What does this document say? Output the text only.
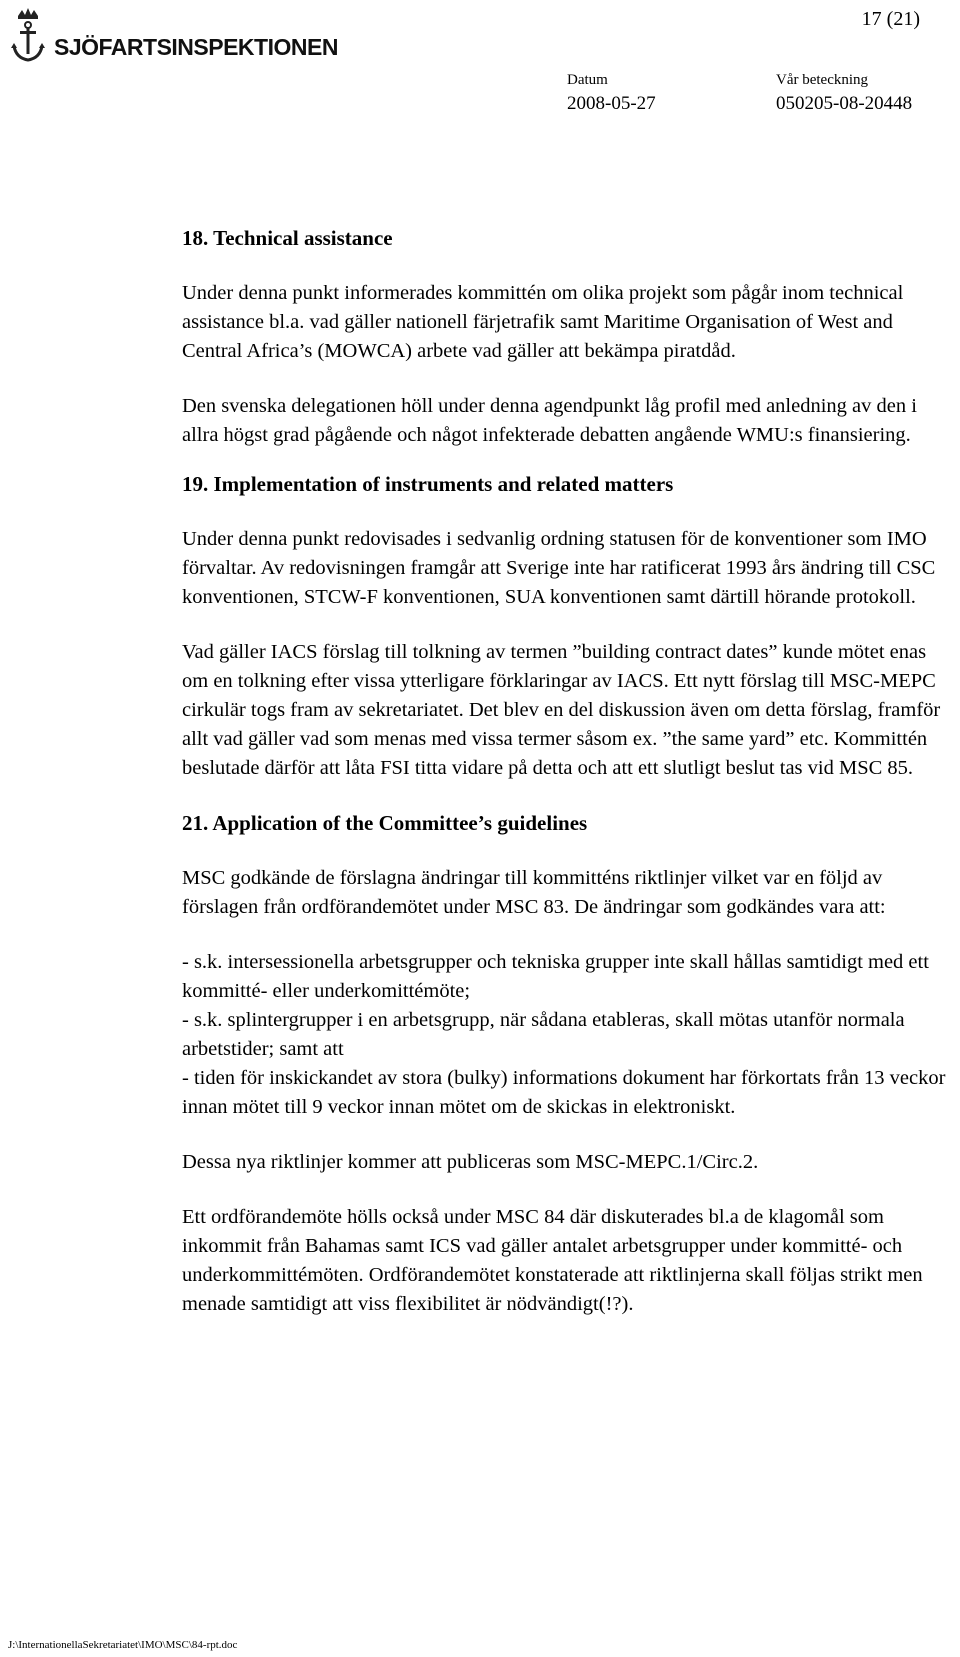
SJÖFARTSINSPEKTIONEN
17 (21)
Datum
2008-05-27
Vår beteckning
050205-08-20448
18. Technical assistance

Under denna punkt informerades kommittén om olika projekt som pågår inom technical assistance bl.a. vad gäller nationell färjetrafik samt Maritime Organisation of West and Central Africa’s (MOWCA) arbete vad gäller att bekämpa piratdåd.

Den svenska delegationen höll under denna agendpunkt låg profil med anledning av den i allra högst grad pågående och något infekterade debatten angående WMU:s finansiering.

19. Implementation of instruments and related matters

Under denna punkt redovisades i sedvanlig ordning statusen för de konventioner som IMO förvaltar. Av redovisningen framgår att Sverige inte har ratificerat 1993 års ändring till CSC konventionen, STCW-F konventionen, SUA konventionen samt därtill hörande protokoll.

Vad gäller IACS förslag till tolkning av termen ”building contract dates” kunde mötet enas om en tolkning efter vissa ytterligare förklaringar av IACS. Ett nytt förslag till MSC-MEPC cirkulär togs fram av sekretariatet. Det blev en del diskussion även om detta förslag, framför allt vad gäller vad som menas med vissa termer såsom ex. ”the same yard” etc. Kommittén beslutade därför att låta FSI titta vidare på detta och att ett slutligt beslut tas vid MSC 85.

21. Application of the Committee’s guidelines

MSC godkände de förslagna ändringar till kommitténs riktlinjer vilket var en följd av förslagen från ordförandemötet under MSC 83. De ändringar som godkändes vara att:

- s.k. intersessionella arbetsgrupper och tekniska grupper inte skall hållas samtidigt med ett kommitté- eller underkomittémöte;
- s.k. splintergrupper i en arbetsgrupp, när sådana etableras, skall mötas utanför normala arbetstider; samt att
- tiden för inskickandet av stora (bulky) informations dokument har förkortats från 13 veckor innan mötet till 9 veckor innan mötet om de skickas in elektroniskt.

Dessa nya riktlinjer kommer att publiceras som MSC-MEPC.1/Circ.2.

Ett ordförandemöte hölls också under MSC 84 där diskuterades bl.a de klagomål som inkommit från Bahamas samt ICS vad gäller antalet arbetsgrupper under kommitté- och underkommittémöten. Ordförandemötet konstaterade att riktlinjerna skall följas strikt men menade samtidigt att viss flexibilitet är nödvändigt(!?).

J:\InternationellaSekretariatet\IMO\MSC\84-rpt.doc
